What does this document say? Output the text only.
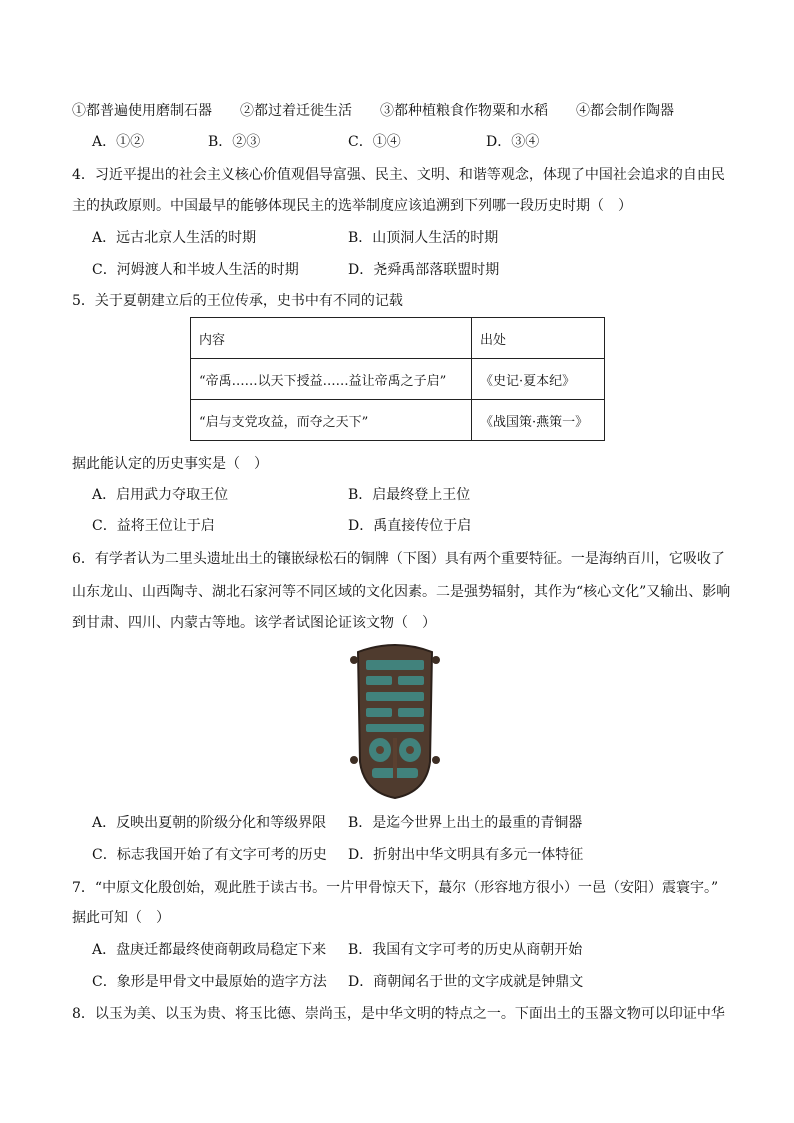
①都普遍使用磨制石器　　②都过着迁徙生活　　③都种植粮食作物粟和水稻　　④都会制作陶器
A．①②	B．②③	C．①④	D．③④
4．习近平提出的社会主义核心价值观倡导富强、民主、文明、和谐等观念，体现了中国社会追求的自由民
主的执政原则。中国最早的能够体现民主的选举制度应该追溯到下列哪一段历史时期（　）
A．远古北京人生活的时期	B．山顶洞人生活的时期
C．河姆渡人和半坡人生活的时期	D．尧舜禹部落联盟时期
5．关于夏朝建立后的王位传承，史书中有不同的记载
内容	出处
“帝禹……以天下授益……益让帝禹之子启”	《史记·夏本纪》
“启与支党攻益，而夺之天下”	《战国策·燕策一》
据此能认定的历史事实是（　）
A．启用武力夺取王位	B．启最终登上王位
C．益将王位让于启	D．禹直接传位于启
6．有学者认为二里头遗址出土的镶嵌绿松石的铜牌（下图）具有两个重要特征。一是海纳百川，它吸收了
山东龙山、山西陶寺、湖北石家河等不同区域的文化因素。二是强势辐射，其作为“核心文化”又输出、影响
到甘肃、四川、内蒙古等地。该学者试图论证该文物（　）
A．反映出夏朝的阶级分化和等级界限 B．是迄今世界上出土的最重的青铜器
C．标志我国开始了有文字可考的历史 D．折射出中华文明具有多元一体特征
7．“中原文化殷创始，观此胜于读古书。一片甲骨惊天下，蕞尔（形容地方很小）一邑（安阳）震寰宇。”
据此可知（　）
A．盘庚迁都最终使商朝政局稳定下来 B．我国有文字可考的历史从商朝开始
C．象形是甲骨文中最原始的造字方法 D．商朝闻名于世的文字成就是钟鼎文
8．以玉为美、以玉为贵、将玉比德、崇尚玉，是中华文明的特点之一。下面出土的玉器文物可以印证中华
